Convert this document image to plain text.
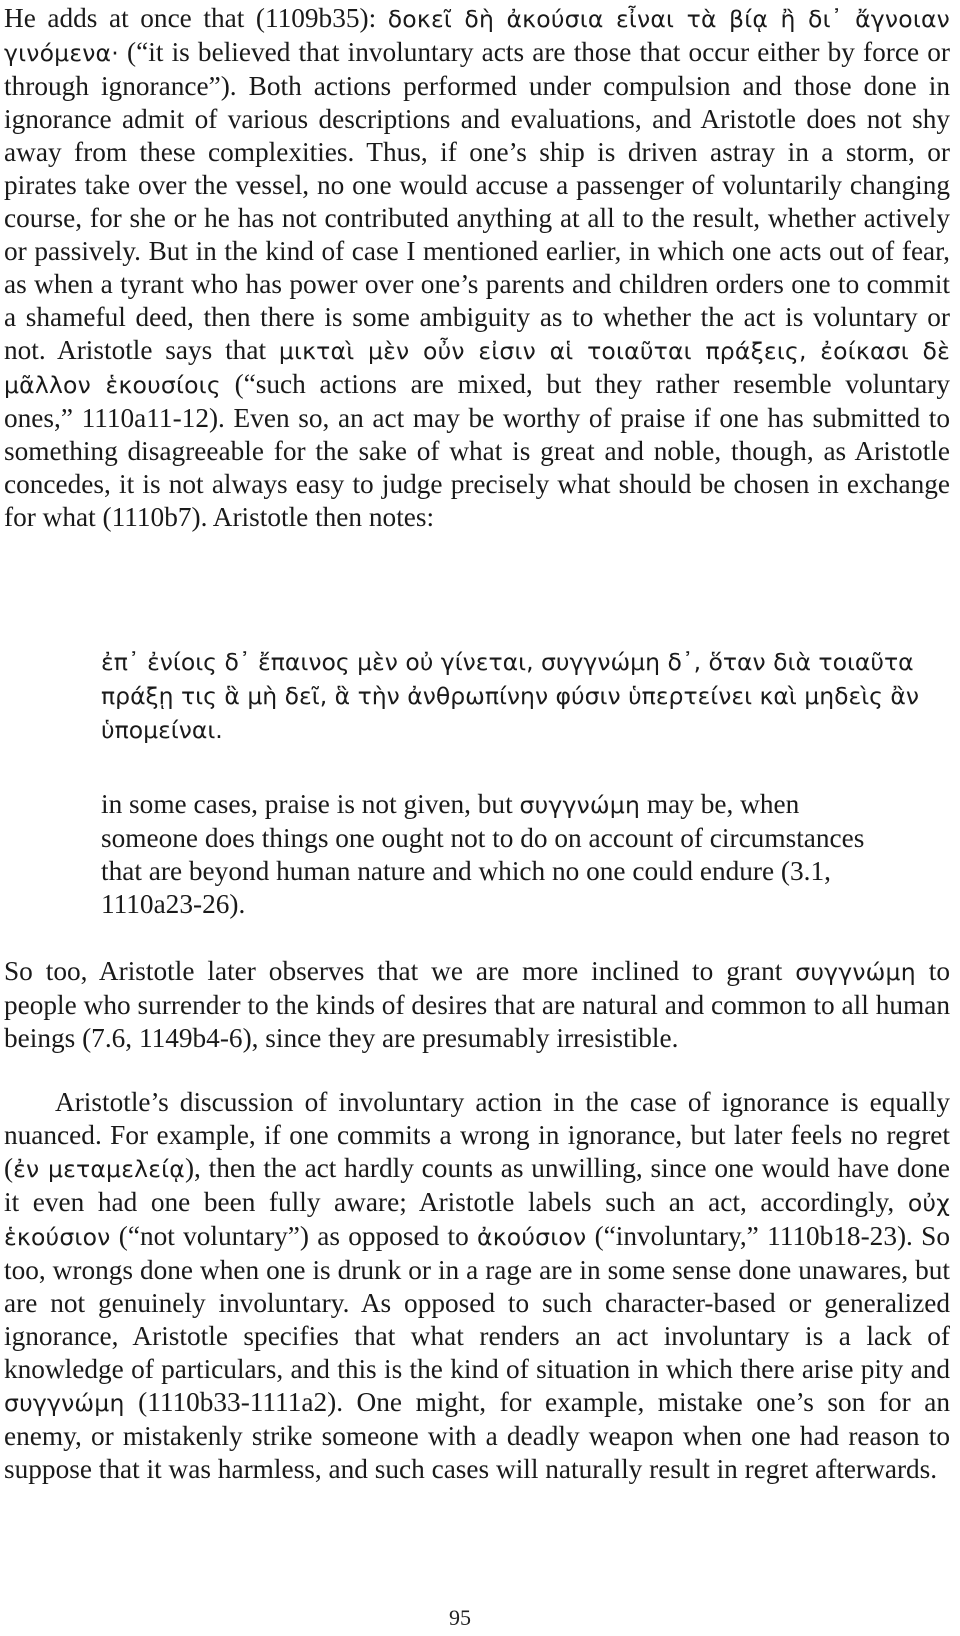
He adds at once that (1109b35): δοκεῖ δὴ ἀκούσια εἶναι τὰ βίᾳ ἢ δι᾽ ἄγνοιαν γινόμενα· (“it is believed that involuntary acts are those that occur either by force or through ignorance”). Both actions performed under compulsion and those done in ignorance admit of various descriptions and evaluations, and Aristotle does not shy away from these complexities. Thus, if one’s ship is driven astray in a storm, or pirates take over the vessel, no one would accuse a passenger of voluntarily changing course, for she or he has not contributed anything at all to the result, whether actively or passively. But in the kind of case I mentioned earlier, in which one acts out of fear, as when a tyrant who has power over one’s parents and children orders one to commit a shameful deed, then there is some ambiguity as to whether the act is voluntary or not. Aristotle says that μικταὶ μὲν οὖν εἰσιν αἱ τοιαῦται πράξεις, ἐοίκασι δὲ μᾶλλον ἑκουσίοις (“such actions are mixed, but they rather resemble voluntary ones,” 1110a11-12). Even so, an act may be worthy of praise if one has submitted to something disagreeable for the sake of what is great and noble, though, as Aristotle concedes, it is not always easy to judge precisely what should be chosen in exchange for what (1110b7). Aristotle then notes:

ἐπ᾽ ἐνίοις δ᾽ ἔπαινος μὲν οὐ γίνεται, συγγνώμη δ᾽, ὅταν διὰ τοιαῦτα πράξῃ τις ἃ μὴ δεῖ, ἃ τὴν ἀνθρωπίνην φύσιν ὑπερτείνει καὶ μηδεὶς ἂν ὑπομείναι.

in some cases, praise is not given, but συγγνώμη may be, when someone does things one ought not to do on account of circumstances that are beyond human nature and which no one could endure (3.1, 1110a23-26).

So too, Aristotle later observes that we are more inclined to grant συγγνώμη to people who surrender to the kinds of desires that are natural and common to all human beings (7.6, 1149b4-6), since they are presumably irresistible.

Aristotle’s discussion of involuntary action in the case of ignorance is equally nuanced. For example, if one commits a wrong in ignorance, but later feels no regret (ἐν μεταμελείᾳ), then the act hardly counts as unwilling, since one would have done it even had one been fully aware; Aristotle labels such an act, accordingly, οὐχ ἑκούσιον (“not voluntary”) as opposed to ἀκούσιον (“involuntary,” 1110b18-23). So too, wrongs done when one is drunk or in a rage are in some sense done unawares, but are not genuinely involuntary. As opposed to such character-based or generalized ignorance, Aristotle specifies that what renders an act involuntary is a lack of knowledge of particulars, and this is the kind of situation in which there arise pity and συγγνώμη (1110b33-1111a2). One might, for example, mistake one’s son for an enemy, or mistakenly strike someone with a deadly weapon when one had reason to suppose that it was harmless, and such cases will naturally result in regret afterwards.

95
